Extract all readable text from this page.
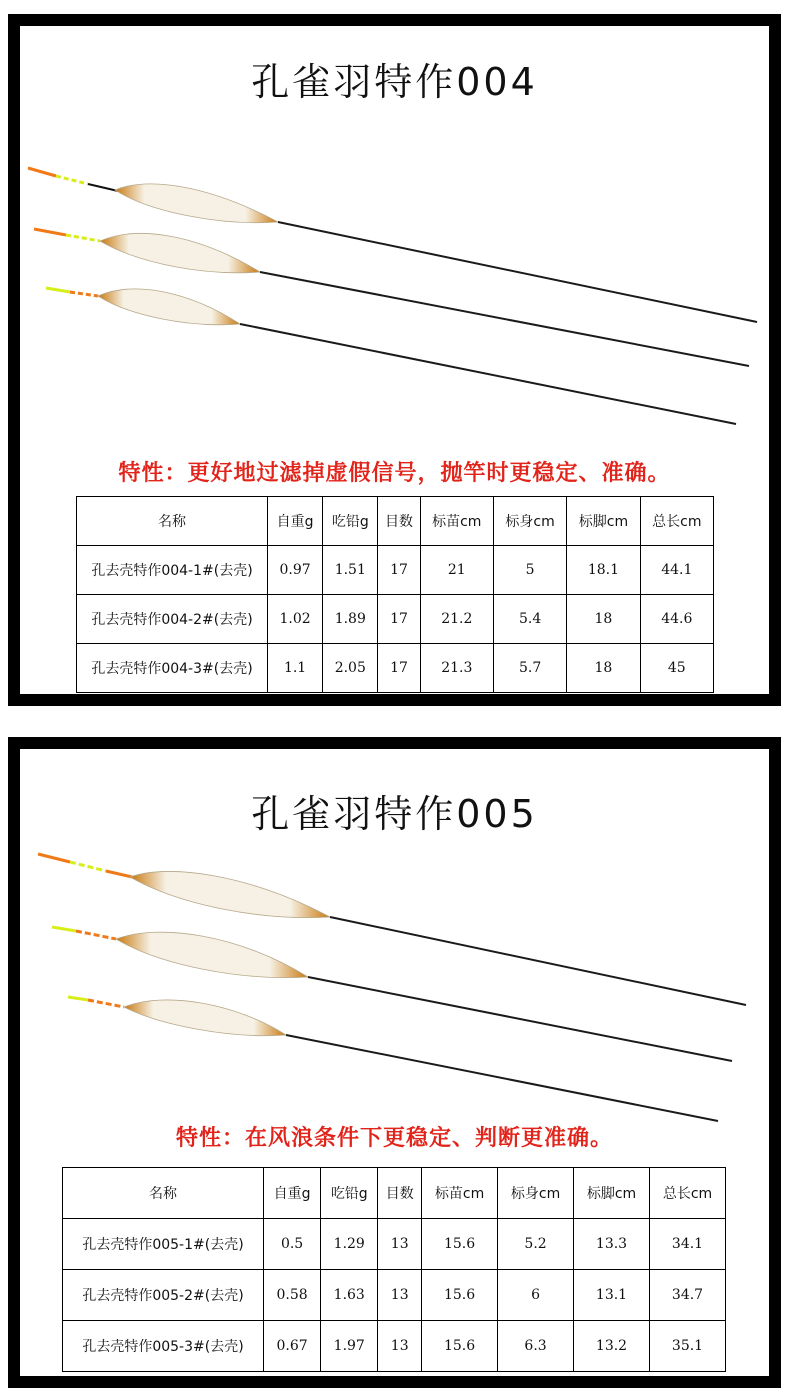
孔雀羽特作004
特性：更好地过滤掉虚假信号，抛竿时更稳定、准确。
名称	自重g	吃铅g	目数	标苗cm	标身cm	标脚cm	总长cm
孔去壳特作004-1#(去壳)	0.97	1.51	17	21	5	18.1	44.1
孔去壳特作004-2#(去壳)	1.02	1.89	17	21.2	5.4	18	44.6
孔去壳特作004-3#(去壳)	1.1	2.05	17	21.3	5.7	18	45
孔雀羽特作005
特性：在风浪条件下更稳定、判断更准确。
名称	自重g	吃铅g	目数	标苗cm	标身cm	标脚cm	总长cm
孔去壳特作005-1#(去壳)	0.5	1.29	13	15.6	5.2	13.3	34.1
孔去壳特作005-2#(去壳)	0.58	1.63	13	15.6	6	13.1	34.7
孔去壳特作005-3#(去壳)	0.67	1.97	13	15.6	6.3	13.2	35.1
